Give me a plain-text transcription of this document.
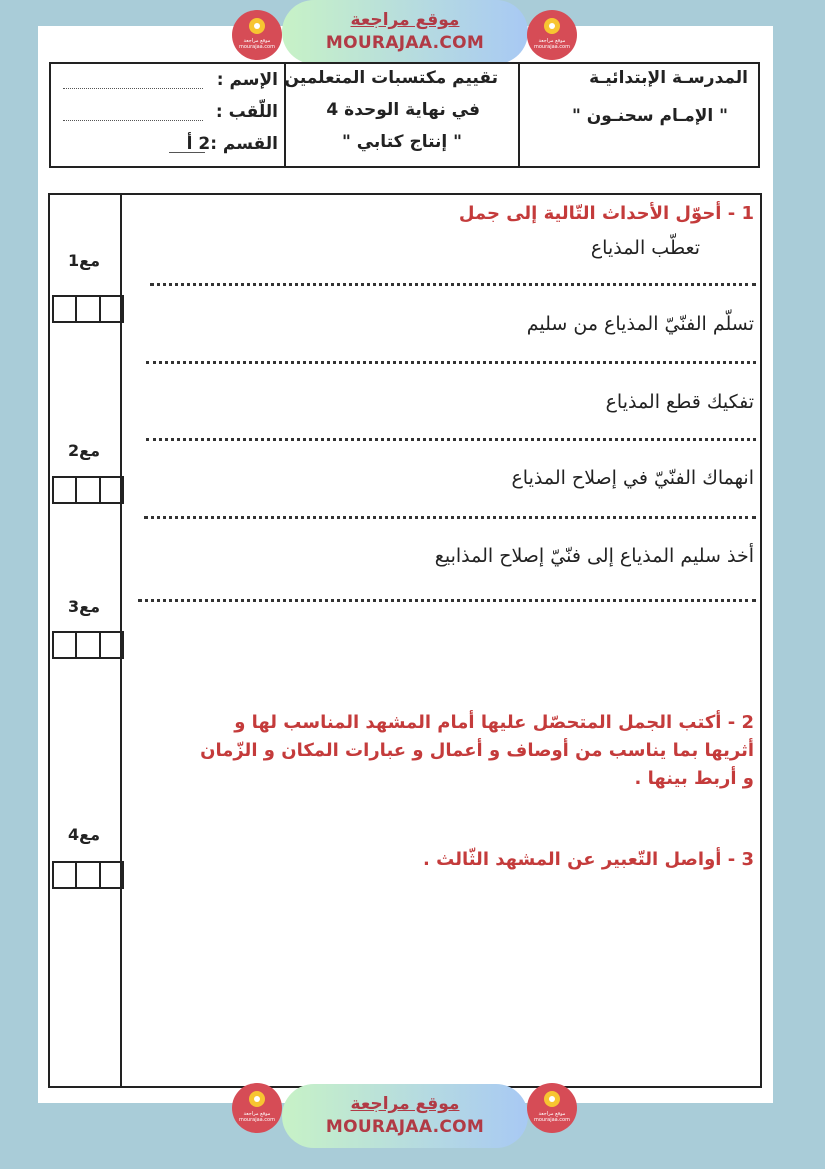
موقع مراجعة mourajaa.com
موقع مراجعة
MOURAJAA.COM	موقع مراجعة mourajaa.com
المدرسـة الإبتدائيـة
" الإمـام سحنـون "
تقييم مكتسبات المتعلمين
في نهاية الوحدة 4
" إنتاج كتابي "
الإسم :
اللّقب :
القسم :2 أ
مع1
مع2
مع3
مع4
1 - أحوّل الأحداث التّالية إلى جمل
تعطّب المذياع
تسلّم الفنّيّ المذياع من سليم
تفكيك قطع المذياع
انهماك الفنّيّ في إصلاح المذياع
أخذ سليم المذياع إلى فنّيّ إصلاح المذابيع
2 - أكتب الجمل المتحصّل عليها أمام المشهد المناسب لها و أثريها بما يناسب من أوصاف و أعمال و عبارات المكان و الزّمان و أربط بينها .
3 - أواصل التّعبير عن المشهد الثّالث .
موقع مراجعة mourajaa.com
موقع مراجعة
MOURAJAA.COM
موقع مراجعة mourajaa.com
